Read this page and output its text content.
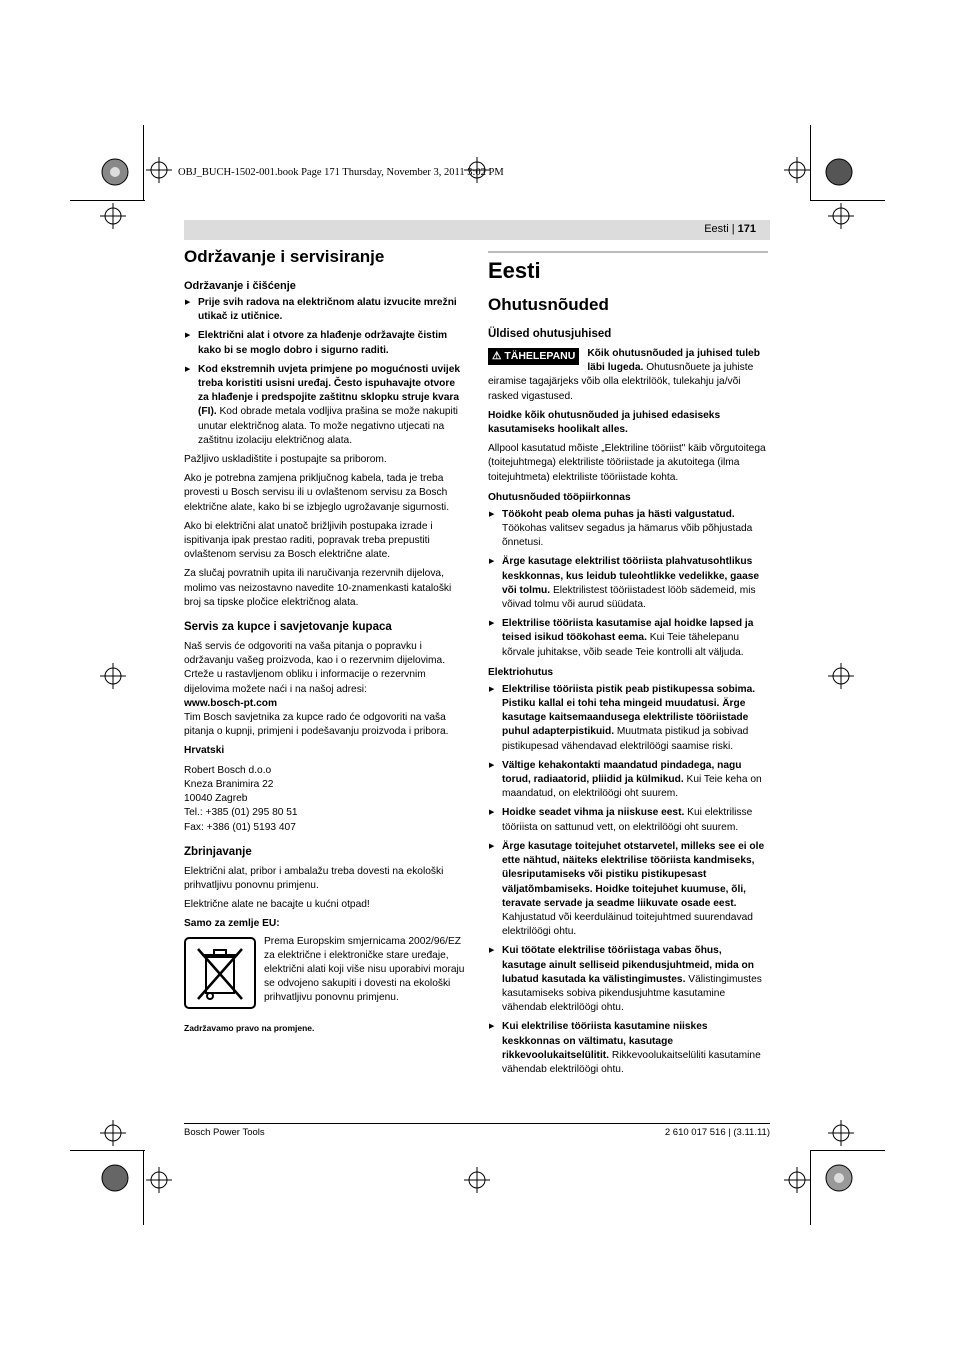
OBJ_BUCH-1502-001.book Page 171 Thursday, November 3, 2011 3:02 PM
Eesti | 171
Održavanje i servisiranje
Održavanje i čišćenje
▶ Prije svih radova na električnom alatu izvucite mrežni utikač iz utičnice.
▶ Električni alat i otvore za hlađenje održavajte čistim kako bi se moglo dobro i sigurno raditi.
▶ Kod ekstremnih uvjeta primjene po mogućnosti uvijek treba koristiti usisni uređaj. Često ispuhavajte otvore za hlađenje i predspojite zaštitnu sklopku struje kvara (FI). Kod obrade metala vodljiva prašina se može nakupiti unutar električnog alata. To može negativno utjecati na zaštitnu izolaciju električnog alata.

Pažljivo uskladištite i postupajte sa priborom.

Ako je potrebna zamjena priključnog kabela, tada je treba provesti u Bosch servisu ili u ovlaštenom servisu za Bosch električne alate, kako bi se izbjeglo ugrožavanje sigurnosti.

Ako bi električni alat unatoč brižljivih postupaka izrade i ispitivanja ipak prestao raditi, popravak treba prepustiti ovlaštenom servisu za Bosch električne alate.

Za slučaj povratnih upita ili naručivanja rezervnih dijelova, molimo vas neizostavno navedite 10-znamenkasti kataloški broj sa tipske pločice električnog alata.

Servis za kupce i savjetovanje kupaca

Naš servis će odgovoriti na vaša pitanja o popravku i održavanju vašeg proizvoda, kao i o rezervnim dijelovima. Crteže u rastavljenom obliku i informacije o rezervnim dijelovima možete naći i na našoj adresi:

www.bosch-pt.com

Tim Bosch savjetnika za kupce rado će odgovoriti na vaša pitanja o kupnji, primjeni i podešavanju proizvoda i pribora.

Hrvatski

Robert Bosch d.o.o
Kneza Branimira 22
10040 Zagreb
Tel.: +385 (01) 295 80 51
Fax: +386 (01) 5193 407

Zbrinjavanje

Električni alat, pribor i ambalažu treba dovesti na ekološki prihvatljivu ponovnu primjenu.

Električne alate ne bacajte u kućni otpad!

Samo za zemlje EU:

Prema Europskim smjernicama 2002/96/EZ za električne i elektroničke stare uređaje, električni alati koji više nisu uporabivi moraju se odvojeno sakupiti i dovesti na ekološki prihvatljivu ponovnu primjenu.

Zadržavamo pravo na promjene.

Eesti
Ohutusnõuded
Üldised ohutusjuhised
⚠ TÄHELEPANU	Kõik ohutusnõuded ja juhised tuleb läbi lugeda. Ohutusnõuete ja juhiste eiramise tagajärjeks võib olla elektrilöök, tulekahju ja/või rasked vigastused.

Hoidke kõik ohutusnõuded ja juhised edasiseks kasutamiseks hoolikalt alles.

Allpool kasutatud mõiste „Elektriline tööriist" käib võrgutoitega (toitejuhtmega) elektriliste tööriistade ja akutoitega (ilma toitejuhtmeta) elektriliste tööriistade kohta.

Ohutusnõuded tööpiirkonnas
▶ Töökoht peab olema puhas ja hästi valgustatud.
Töökohas valitsev segadus ja hämarus võib põhjustada õnnetusi.
▶ Ärge kasutage elektrilist tööriista plahvatusohtlikus keskkonnas, kus leidub tuleohtlikke vedelikke, gaase või tolmu. Elektrilistest tööriistadest lööb sädemeid, mis võivad tolmu või aurud süüdata.
▶ Elektrilise tööriista kasutamise ajal hoidke lapsed ja teised isikud töökohast eema. Kui Teie tähelepanu kõrvale juhitakse, võib seade Teie kontrolli alt väljuda.
Elektriohutus
▶ Elektrilise tööriista pistik peab pistikupessa sobima. Pistiku kallal ei tohi teha mingeid muudatusi. Ärge kasutage kaitsemaandusega elektriliste tööriistade puhul adapterpistikuid. Muutmata pistikud ja sobivad pistikupesad vähendavad elektrilöögi saamise riski.
▶ Vältige kehakontakti maandatud pindadega, nagu torud, radiaatorid, pliidid ja külmikud. Kui Teie keha on maandatud, on elektrilöögi oht suurem.
▶ Hoidke seadet vihma ja niiskuse eest. Kui elektrilisse tööriista on sattunud vett, on elektrilöögi oht suurem.
▶ Ärge kasutage toitejuhet otstarvetel, milleks see ei ole ette nähtud, näiteks elektrilise tööriista kandmiseks, ülesriputamiseks või pistiku pistikupesast väljatõmbamiseks. Hoidke toitejuhet kuumuse, õli, teravate servade ja seadme liikuvate osade eest. Kahjustatud või keerduläinud toitejuhtmed suurendavad elektrilöögi ohtu.
▶ Kui töötate elektrilise tööriistaga vabas õhus, kasutage ainult selliseid pikendusjuhtmeid, mida on lubatud kasutada ka välistingimustes. Välistingimustes kasutamiseks sobiva pikendusjuhtme kasutamine vähendab elektrilöögi ohtu.
▶ Kui elektrilise tööriista kasutamine niiskes keskkonnas on vältimatu, kasutage rikkevoolukaitselülitit. Rikkevoolukaitselüliti kasutamine vähendab elektrilöögi ohtu.
Bosch Power Tools	2 610 017 516 | (3.11.11)
